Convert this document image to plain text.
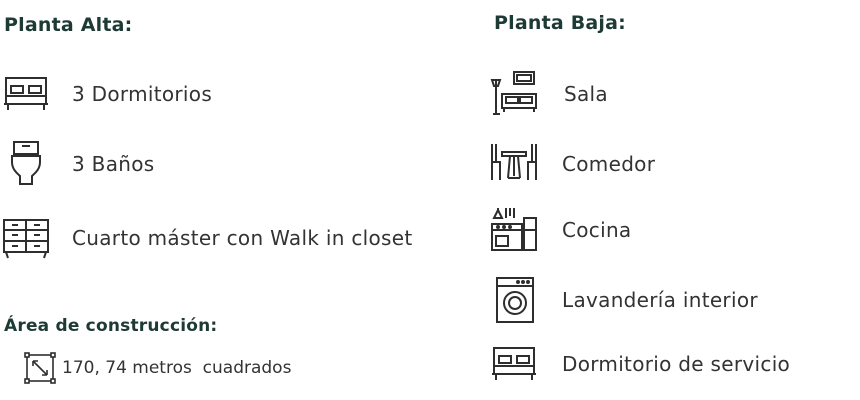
Planta Alta:
3 Dormitorios
3 Baños
Cuarto máster con Walk in closet
Área de construcción:
170, 74 metros  cuadrados
Planta Baja:
Sala
Comedor
Cocina
Lavandería interior
Dormitorio de servicio
